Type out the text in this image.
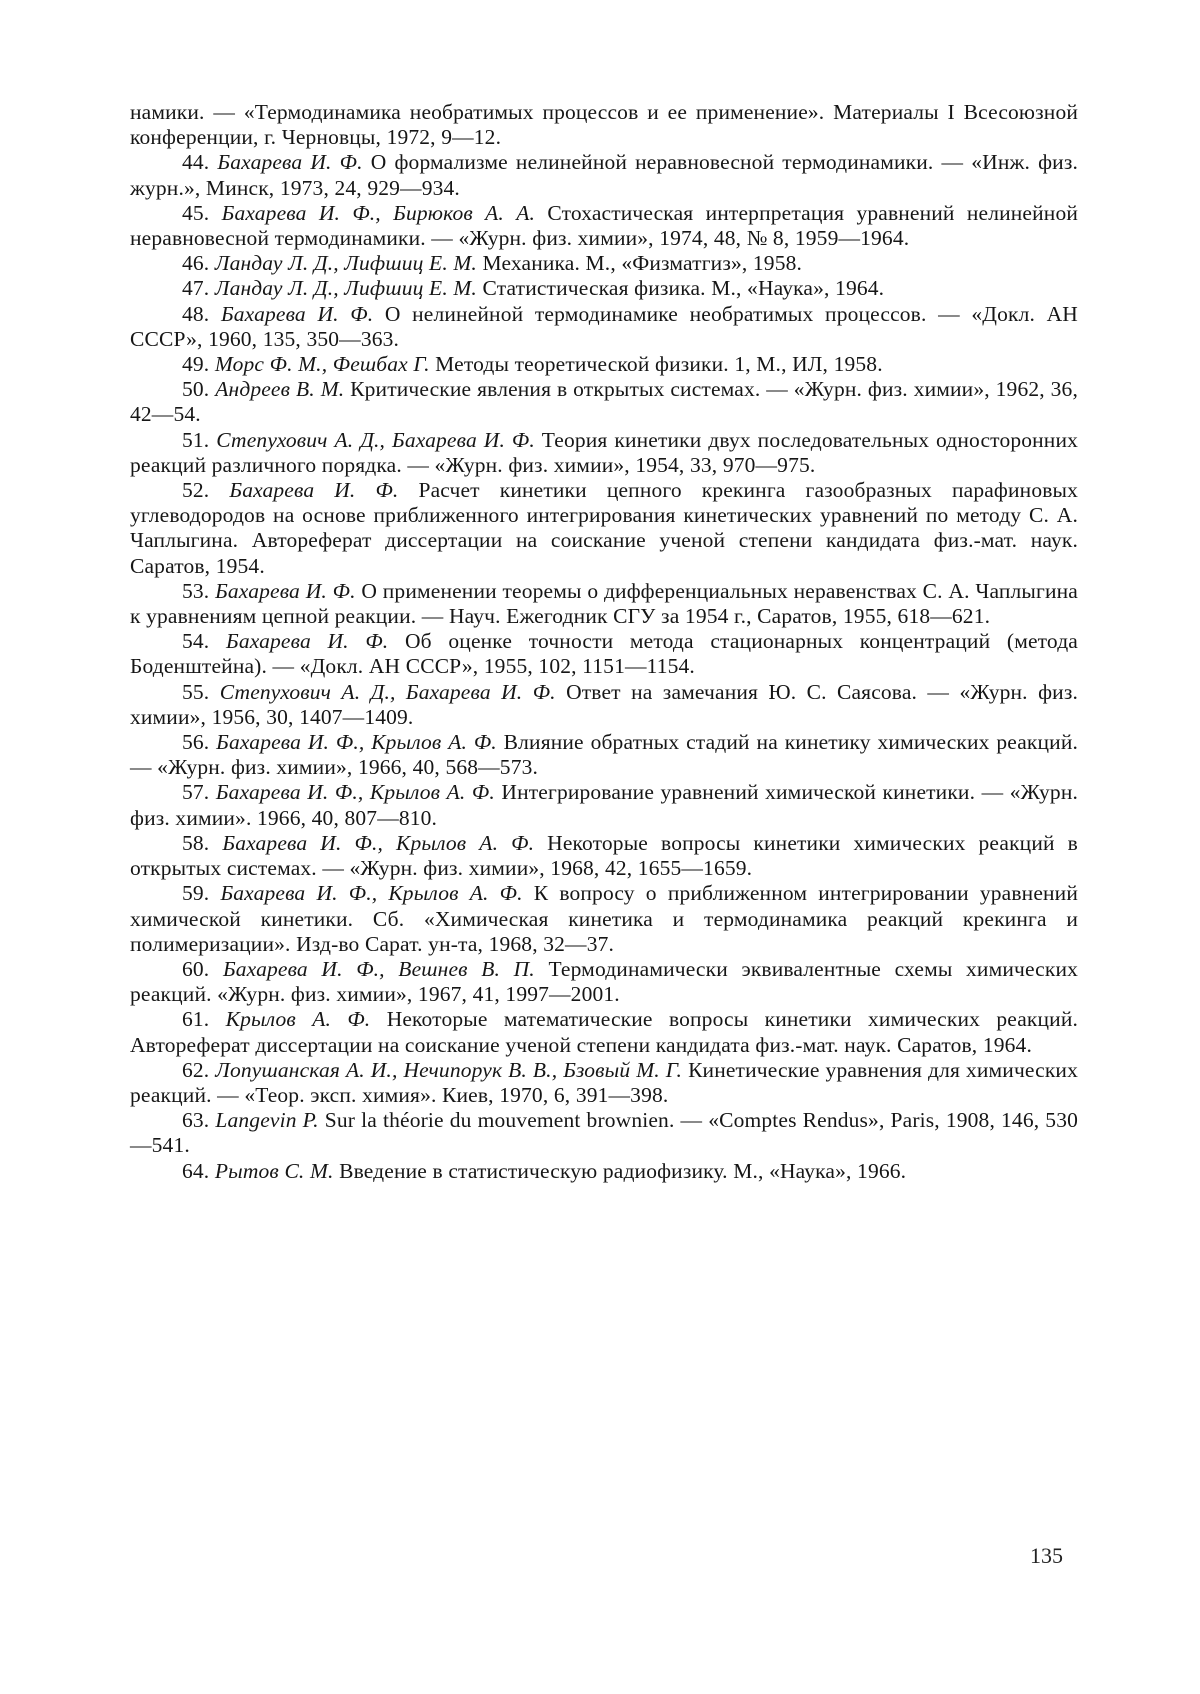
намики. — «Термодинамика необратимых процессов и ее применение». Материалы I Всесоюзной конференции, г. Черновцы, 1972, 9—12.

44. Бахарева И. Ф. О формализме нелинейной неравновесной термодинамики. — «Инж. физ. журн.», Минск, 1973, 24, 929—934.

45. Бахарева И. Ф., Бирюков А. А. Стохастическая интерпретация уравнений нелинейной неравновесной термодинамики. — «Журн. физ. химии», 1974, 48, № 8, 1959—1964.

46. Ландау Л. Д., Лифшиц Е. М. Механика. М., «Физматгиз», 1958.

47. Ландау Л. Д., Лифшиц Е. М. Статистическая физика. М., «Наука», 1964.

48. Бахарева И. Ф. О нелинейной термодинамике необратимых процессов. — «Докл. АН СССР», 1960, 135, 350—363.

49. Морс Ф. М., Фешбах Г. Методы теоретической физики. 1, М., ИЛ, 1958.

50. Андреев В. М. Критические явления в открытых системах. — «Журн. физ. химии», 1962, 36, 42—54.

51. Степухович А. Д., Бахарева И. Ф. Теория кинетики двух последовательных односторонних реакций различного порядка. — «Журн. физ. химии», 1954, 33, 970—975.

52. Бахарева И. Ф. Расчет кинетики цепного крекинга газообразных парафиновых углеводородов на основе приближенного интегрирования кинетических уравнений по методу С. А. Чаплыгина. Автореферат диссертации на соискание ученой степени кандидата физ.-мат. наук. Саратов, 1954.

53. Бахарева И. Ф. О применении теоремы о дифференциальных неравенствах С. А. Чаплыгина к уравнениям цепной реакции. — Науч. Ежегодник СГУ за 1954 г., Саратов, 1955, 618—621.

54. Бахарева И. Ф. Об оценке точности метода стационарных концентраций (метода Боденштейна). — «Докл. АН СССР», 1955, 102, 1151—1154.

55. Степухович А. Д., Бахарева И. Ф. Ответ на замечания Ю. С. Саясова. — «Журн. физ. химии», 1956, 30, 1407—1409.

56. Бахарева И. Ф., Крылов А. Ф. Влияние обратных стадий на кинетику химических реакций. — «Журн. физ. химии», 1966, 40, 568—573.

57. Бахарева И. Ф., Крылов А. Ф. Интегрирование уравнений химической кинетики. — «Журн. физ. химии». 1966, 40, 807—810.

58. Бахарева И. Ф., Крылов А. Ф. Некоторые вопросы кинетики химических реакций в открытых системах. — «Журн. физ. химии», 1968, 42, 1655—1659.

59. Бахарева И. Ф., Крылов А. Ф. К вопросу о приближенном интегрировании уравнений химической кинетики. Сб. «Химическая кинетика и термодинамика реакций крекинга и полимеризации». Изд-во Сарат. ун-та, 1968, 32—37.

60. Бахарева И. Ф., Вешнев В. П. Термодинамически эквивалентные схемы химических реакций. «Журн. физ. химии», 1967, 41, 1997—2001.

61. Крылов А. Ф. Некоторые математические вопросы кинетики химических реакций. Автореферат диссертации на соискание ученой степени кандидата физ.-мат. наук. Саратов, 1964.

62. Лопушанская А. И., Нечипорук В. В., Бзовый М. Г. Кинетические уравнения для химических реакций. — «Теор. эксп. химия». Киев, 1970, 6, 391—398.

63. Langevin P. Sur la théorie du mouvement brownien. — «Comptes Rendus», Paris, 1908, 146, 530—541.

64. Рытов С. М. Введение в статистическую радиофизику. М., «Наука», 1966.

135
